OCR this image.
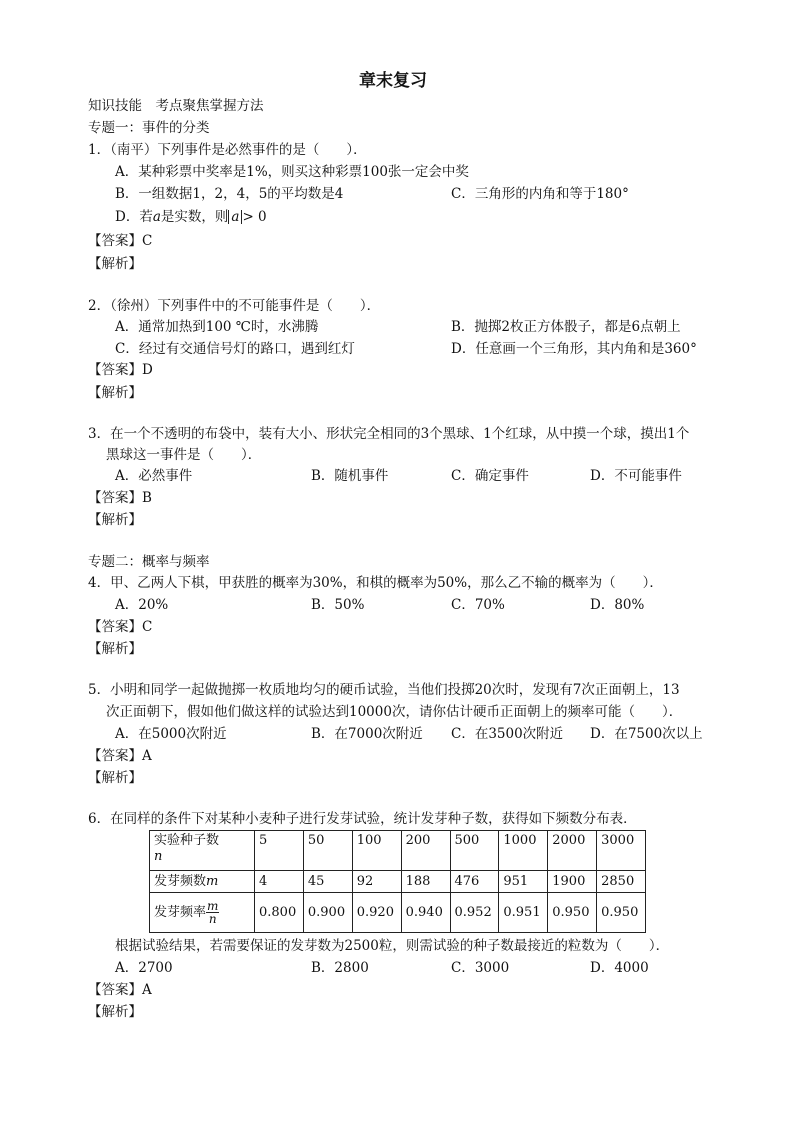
章末复习
知识技能　考点聚焦掌握方法
专题一：事件的分类
1．（南平）下列事件是必然事件的是（　　）．
A．某种彩票中奖率是1%，则买这种彩票100张一定会中奖
B．一组数据1，2，4，5的平均数是4	C．三角形的内角和等于180°
D．若a是实数，则 a > 0
【答案】C
【解析】
2．（徐州）下列事件中的不可能事件是（　　）．
A．通常加热到100 ℃时，水沸腾	B．抛掷2枚正方体骰子，都是6点朝上
C．经过有交通信号灯的路口，遇到红灯	D．任意画一个三角形，其内角和是360°
【答案】D
【解析】
3．在一个不透明的布袋中，装有大小、形状完全相同的3个黑球、1个红球，从中摸一个球，摸出1个
黑球这一事件是（　　）．
A．必然事件	B．随机事件	C．确定事件	D．不可能事件
【答案】B
【解析】
专题二：概率与频率
4．甲、乙两人下棋，甲获胜的概率为30%，和棋的概率为50%，那么乙不输的概率为（　　）．
A．20%	B．50%	C．70%	D．80%
【答案】C
【解析】
5．小明和同学一起做抛掷一枚质地均匀的硬币试验，当他们投掷20次时，发现有7次正面朝上，13
次正面朝下，假如他们做这样的试验达到10000次，请你估计硬币正面朝上的频率可能（　　）．
A．在5000次附近	B．在7000次附近 C．在3500次附近 D．在7500次以上
【答案】A
【解析】
6．在同样的条件下对某种小麦种子进行发芽试验，统计发芽种子数，获得如下频数分布表．
实验种子数
n	5	50	100	200	500	1000	2000	3000
发芽频数m	4	45	92	188	476	951	1900	2850
发芽频率 $\frac{m}{n}$	0.800	0.900	0.920	0.940	0.952	0.951	0.950	0.950
根据试验结果，若需要保证的发芽数为2500粒，则需试验的种子数最接近的粒数为（　　）．
A．2700	B．2800	C．3000	D．4000
【答案】A
【解析】
